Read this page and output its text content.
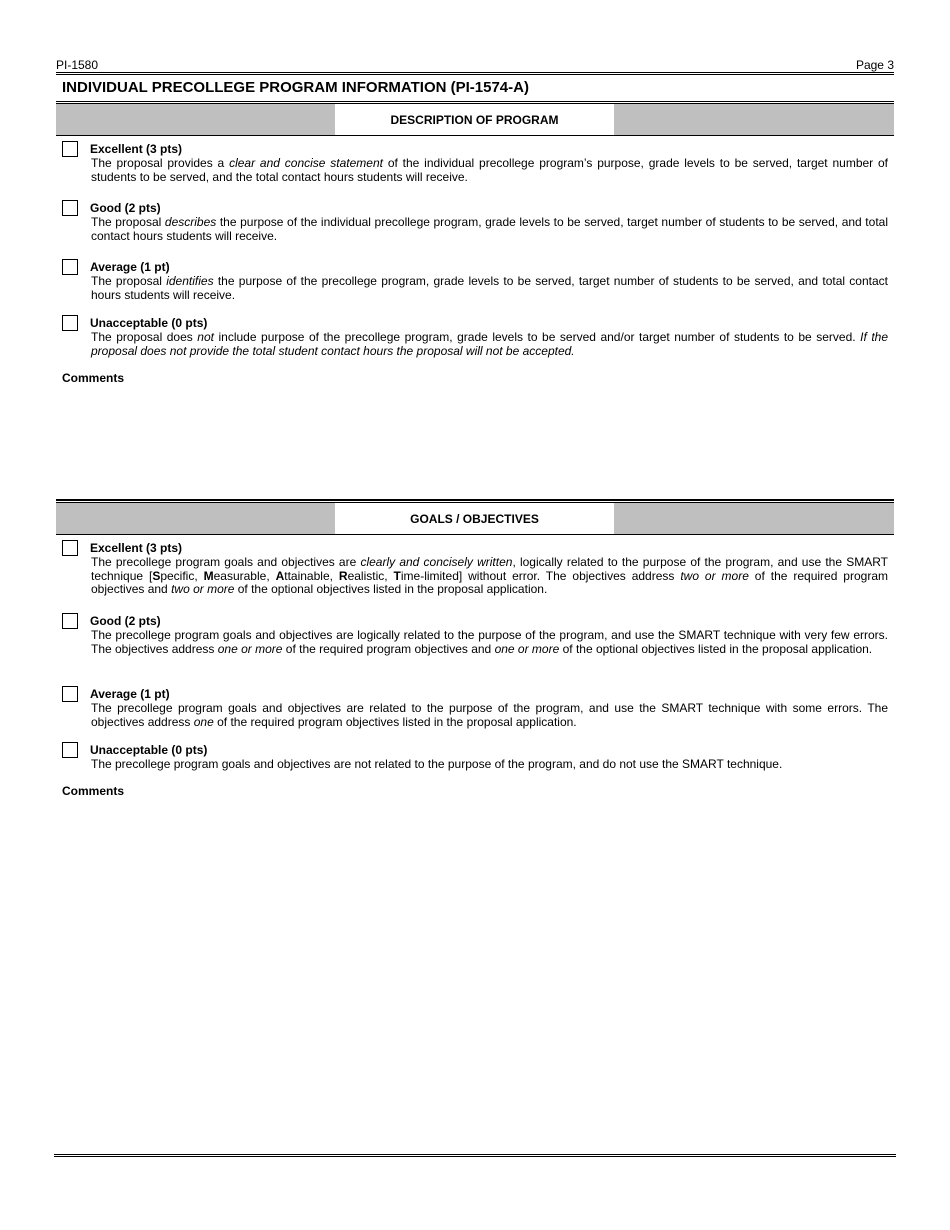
PI-1580	Page 3
INDIVIDUAL PRECOLLEGE PROGRAM INFORMATION (PI-1574-A)
DESCRIPTION OF PROGRAM
Excellent (3 pts)
The proposal provides a clear and concise statement of the individual precollege program’s purpose, grade levels to be served, target number of students to be served, and the total contact hours students will receive.
Good (2 pts)
The proposal describes the purpose of the individual precollege program, grade levels to be served, target number of students to be served, and total contact hours students will receive.
Average (1 pt)
The proposal identifies the purpose of the precollege program, grade levels to be served, target number of students to be served, and total contact hours students will receive.
Unacceptable (0 pts)
The proposal does not include purpose of the precollege program, grade levels to be served and/or target number of students to be served. If the proposal does not provide the total student contact hours the proposal will not be accepted.
Comments
GOALS / OBJECTIVES
Excellent (3 pts)
The precollege program goals and objectives are clearly and concisely written, logically related to the purpose of the program, and use the SMART technique [Specific, Measurable, Attainable, Realistic, Time-limited] without error. The objectives address two or more of the required program objectives and two or more of the optional objectives listed in the proposal application.
Good (2 pts)
The precollege program goals and objectives are logically related to the purpose of the program, and use the SMART technique with very few errors. The objectives address one or more of the required program objectives and one or more of the optional objectives listed in the proposal application.
Average (1 pt)
The precollege program goals and objectives are related to the purpose of the program, and use the SMART technique with some errors. The objectives address one of the required program objectives listed in the proposal application.
Unacceptable (0 pts)
The precollege program goals and objectives are not related to the purpose of the program, and do not use the SMART technique.
Comments
